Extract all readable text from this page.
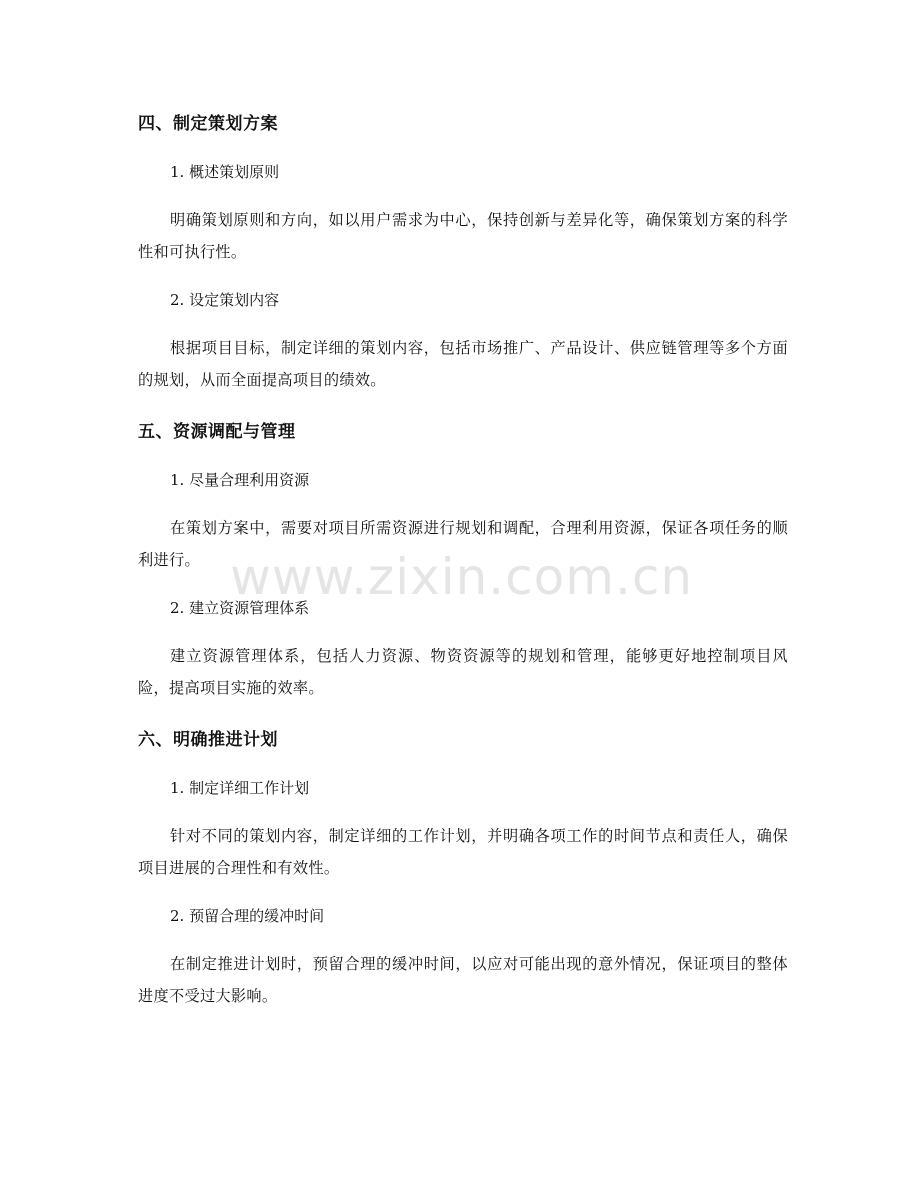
四、制定策划方案
1. 概述策划原则
明确策划原则和方向，如以用户需求为中心，保持创新与差异化等，确保策划方案的科学性和可执行性。
2. 设定策划内容
根据项目目标，制定详细的策划内容，包括市场推广、产品设计、供应链管理等多个方面的规划，从而全面提高项目的绩效。
五、资源调配与管理
1. 尽量合理利用资源
在策划方案中，需要对项目所需资源进行规划和调配，合理利用资源，保证各项任务的顺利进行。
2. 建立资源管理体系
建立资源管理体系，包括人力资源、物资资源等的规划和管理，能够更好地控制项目风险，提高项目实施的效率。
六、明确推进计划
1. 制定详细工作计划
针对不同的策划内容，制定详细的工作计划，并明确各项工作的时间节点和责任人，确保项目进展的合理性和有效性。
2. 预留合理的缓冲时间
在制定推进计划时，预留合理的缓冲时间，以应对可能出现的意外情况，保证项目的整体进度不受过大影响。
www.zixin.com.cn
